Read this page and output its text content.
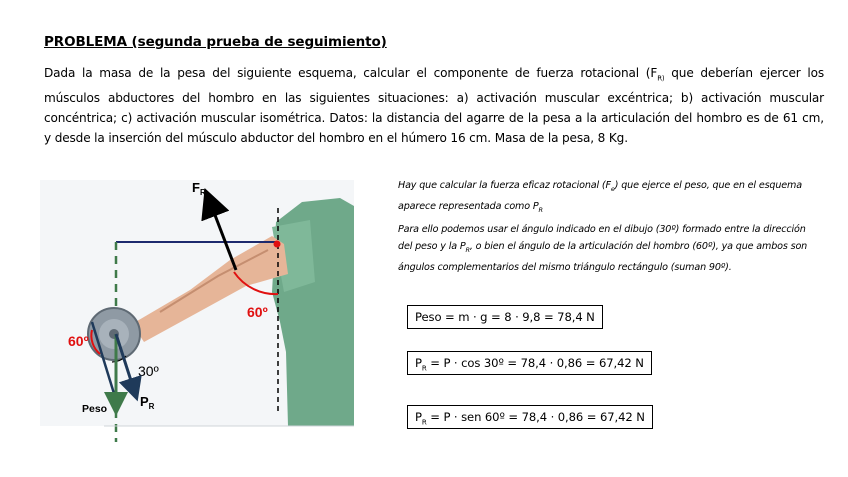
PROBLEMA (segunda prueba de seguimiento)
Dada la masa de la pesa del siguiente esquema, calcular el componente de fuerza rotacional ($F_{R)}$ que deberían ejercer los músculos abductores del hombro en las siguientes situaciones: a) activación muscular excéntrica; b) activación muscular concéntrica; c) activación muscular isométrica. Datos: la distancia del agarre de la pesa a la articulación del hombro es de 61 cm, y desde la inserción del músculo abductor del hombro en el húmero 16 cm. Masa de la pesa, 8 Kg.
$F_R$
60º
60º
30º
Peso	$P_R$

Hay que calcular la fuerza eficaz rotacional $(F_e)$ que ejerce el peso, que en el esquema aparece representada como $P_R$

Para ello podemos usar el ángulo indicado en el dibujo (30º) formado entre la dirección del peso y la $P_R$, o bien el ángulo de la articulación del hombro (60º), ya que ambos son ángulos complementarios del mismo triángulo rectángulo (suman 90º).

Peso = m · g = 8 · 9,8 = 78,4 N
$P_R = P \cdot \cos$ 30º = 78,4 · 0,86 = 67,42 N
$P_R = P$ · sen 60º = 78,4 · 0,86 = 67,42 N
